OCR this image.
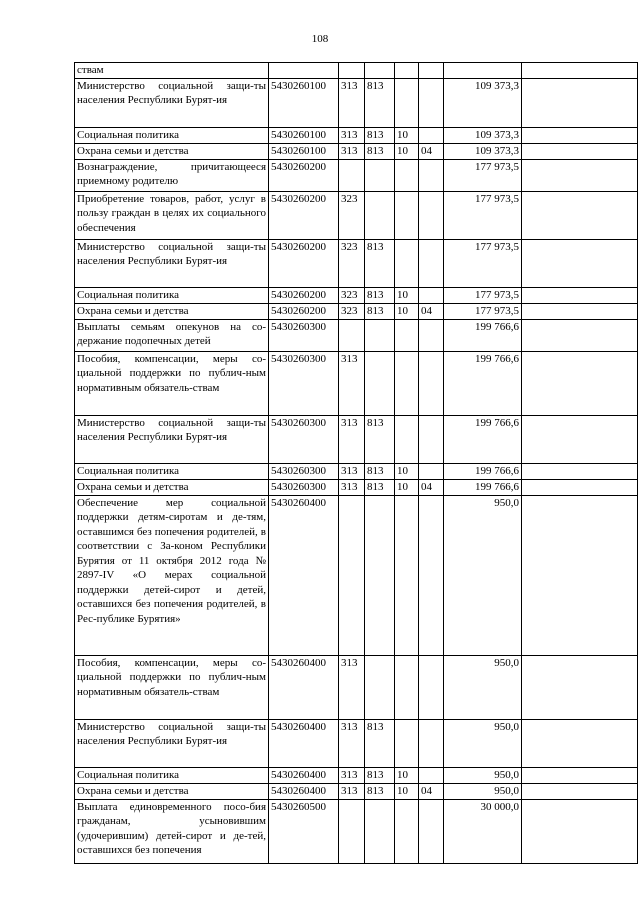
108
ствам							
Министерство социальной защи-ты населения Республики Бурят-ия	5430260100	313	813			109 373,3	
Социальная политика	5430260100	313	813	10		109 373,3	
Охрана семьи и детства	5430260100	313	813	10	04	109 373,3	
Вознаграждение, причитающееся приемному родителю	5430260200					177 973,5	
Приобретение товаров, работ, услуг в пользу граждан в целях их социального обеспечения	5430260200	323				177 973,5	
Министерство социальной защи-ты населения Республики Бурят-ия	5430260200	323	813			177 973,5	
Социальная политика	5430260200	323	813	10		177 973,5	
Охрана семьи и детства	5430260200	323	813	10	04	177 973,5	
Выплаты семьям опекунов на со-держание подопечных детей	5430260300					199 766,6	
Пособия, компенсации, меры со-циальной поддержки по публич-ным нормативным обязатель-ствам	5430260300	313				199 766,6	
Министерство социальной защи-ты населения Республики Бурят-ия	5430260300	313	813			199 766,6	
Социальная политика	5430260300	313	813	10		199 766,6	
Охрана семьи и детства	5430260300	313	813	10	04	199 766,6	
Обеспечение мер социальной поддержки детям-сиротам и де-тям, оставшимся без попечения родителей, в соответствии с За-коном Республики Бурятия от 11 октября 2012 года № 2897-IV «О мерах социальной поддержки детей-сирот и детей, оставшихся без попечения родителей, в Рес-публике Бурятия»	5430260400					950,0	
Пособия, компенсации, меры со-циальной поддержки по публич-ным нормативным обязатель-ствам	5430260400	313				950,0	
Министерство социальной защи-ты населения Республики Бурят-ия	5430260400	313	813			950,0	
Социальная политика	5430260400	313	813	10		950,0	
Охрана семьи и детства	5430260400	313	813	10	04	950,0	
Выплата единовременного посо-бия гражданам, усыновившим (удочерившим) детей-сирот и де-тей, оставшихся без попечения	5430260500					30 000,0	
